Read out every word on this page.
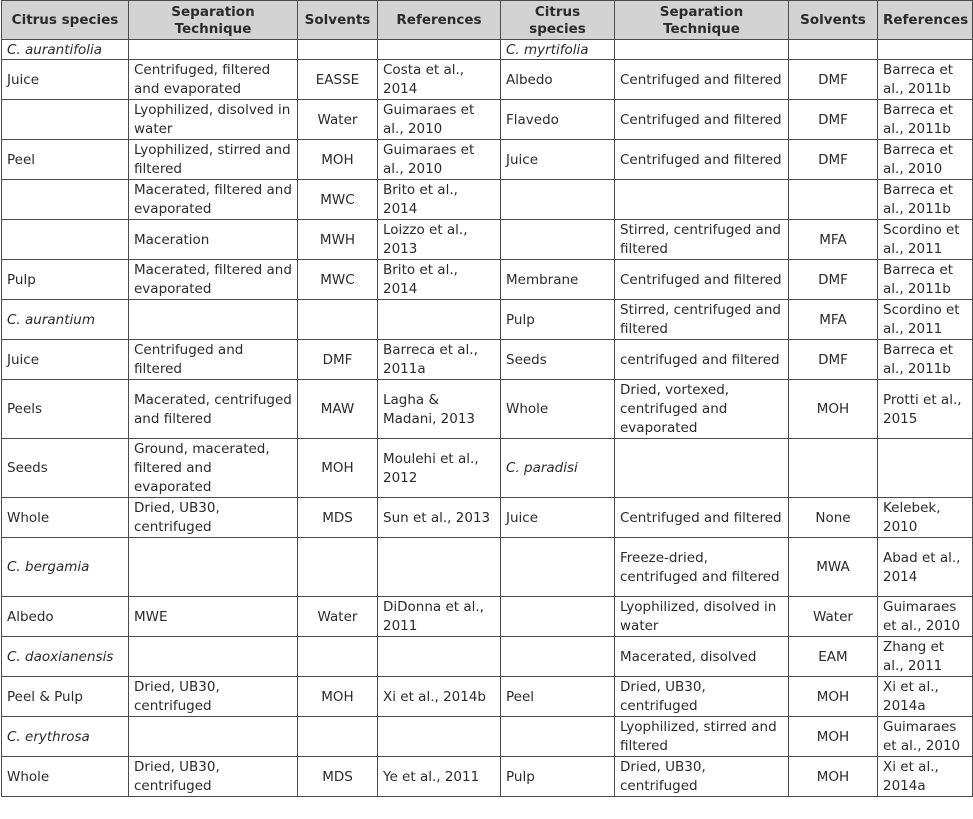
Citrus species	Separation Technique	Solvents	References	Citrus species	Separation Technique	Solvents	References
C. aurantifolia				C. myrtifolia			
Juice	Centrifuged, filtered and evaporated	EASSE	Costa et al., 2014	Albedo	Centrifuged and filtered	DMF	Barreca et al., 2011b
	Lyophilized, disolved in water	Water	Guimaraes et al., 2010	Flavedo	Centrifuged and filtered	DMF	Barreca et al., 2011b
Peel	Lyophilized, stirred and filtered	MOH	Guimaraes et al., 2010	Juice	Centrifuged and filtered	DMF	Barreca et al., 2010
	Macerated, filtered and evaporated	MWC	Brito et al., 2014				Barreca et al., 2011b
	Maceration	MWH	Loizzo et al., 2013		Stirred, centrifuged and filtered	MFA	Scordino et al., 2011
Pulp	Macerated, filtered and evaporated	MWC	Brito et al., 2014	Membrane	Centrifuged and filtered	DMF	Barreca et al., 2011b
C. aurantium				Pulp	Stirred, centrifuged and filtered	MFA	Scordino et al., 2011
Juice	Centrifuged and filtered	DMF	Barreca et al., 2011a	Seeds	centrifuged and filtered	DMF	Barreca et al., 2011b
Peels	Macerated, centrifuged and filtered	MAW	Lagha & Madani, 2013	Whole	Dried, vortexed, centrifuged and evaporated	MOH	Protti et al., 2015
Seeds	Ground, macerated, filtered and evaporated	MOH	Moulehi et al., 2012	C. paradisi			
Whole	Dried, UB30, centrifuged	MDS	Sun et al., 2013	Juice	Centrifuged and filtered	None	Kelebek, 2010
C. bergamia					Freeze-dried, centrifuged and filtered	MWA	Abad et al., 2014
Albedo	MWE	Water	DiDonna et al., 2011		Lyophilized, disolved in water	Water	Guimaraes et al., 2010
C. daoxianensis					Macerated, disolved	EAM	Zhang et al., 2011
Peel & Pulp	Dried, UB30, centrifuged	MOH	Xi et al., 2014b	Peel	Dried, UB30, centrifuged	MOH	Xi et al., 2014a
C. erythrosa					Lyophilized, stirred and filtered	MOH	Guimaraes et al., 2010
Whole	Dried, UB30, centrifuged	MDS	Ye et al., 2011	Pulp	Dried, UB30, centrifuged	MOH	Xi et al., 2014a
